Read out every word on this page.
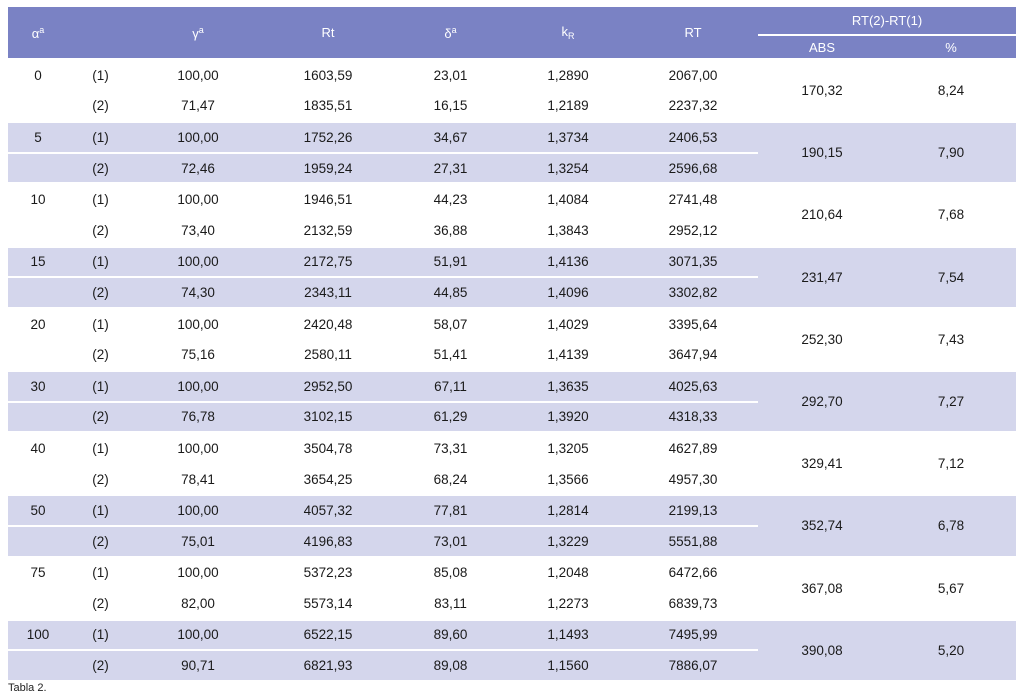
$\alpha^a$		$\gamma^a$	Rt	$\delta^a$	$k_R$	RT	RT(2)-RT(1)	
							ABS	%
0	(1)	100,00	1603,59	23,01	1,2890	2067,00	170,32	8,24
	(2)	71,47	1835,51	16,15	1,2189	2237,32		
5	(1)	100,00	1752,26	34,67	1,3734	2406,53	190,15	7,90
	(2)	72,46	1959,24	27,31	1,3254	2596,68		
10	(1)	100,00	1946,51	44,23	1,4084	2741,48	210,64	7,68
	(2)	73,40	2132,59	36,88	1,3843	2952,12		
15	(1)	100,00	2172,75	51,91	1,4136	3071,35	231,47	7,54
	(2)	74,30	2343,11	44,85	1,4096	3302,82		
20	(1)	100,00	2420,48	58,07	1,4029	3395,64	252,30	7,43
	(2)	75,16	2580,11	51,41	1,4139	3647,94		
30	(1)	100,00	2952,50	67,11	1,3635	4025,63	292,70	7,27
	(2)	76,78	3102,15	61,29	1,3920	4318,33		
40	(1)	100,00	3504,78	73,31	1,3205	4627,89	329,41	7,12
	(2)	78,41	3654,25	68,24	1,3566	4957,30		
50	(1)	100,00	4057,32	77,81	1,2814	2199,13	352,74	6,78
	(2)	75,01	4196,83	73,01	1,3229	5551,88		
75	(1)	100,00	5372,23	85,08	1,2048	6472,66	367,08	5,67
	(2)	82,00	5573,14	83,11	1,2273	6839,73		
100	(1)	100,00	6522,15	89,60	1,1493	7495,99	390,08	5,20
	(2)	90,71	6821,93	89,08	1,1560	7886,07		
Tabla 2.
